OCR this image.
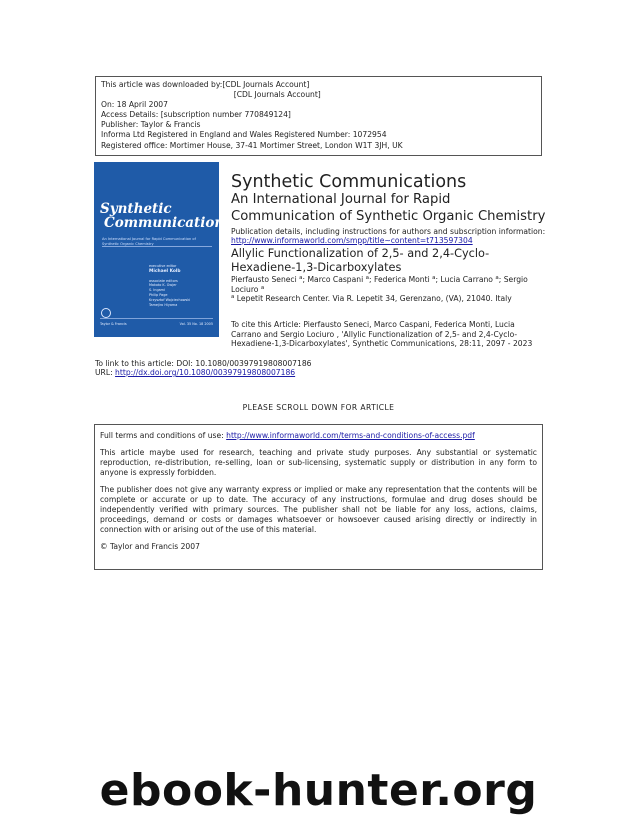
This article was downloaded by:[CDL Journals Account]
[CDL Journals Account]
On: 18 April 2007
Access Details: [subscription number 770849124]
Publisher: Taylor & Francis
Informa Ltd Registered in England and Wales Registered Number: 1072954
Registered office: Mortimer House, 37-41 Mortimer Street, London W1T 3JH, UK
Synthetic
Communications
An International Journal for Rapid Communication of Synthetic Organic Chemistry
executive editor
Michael Kolb
associate editors
Makoto K. Gwjer
S. Ingami
Philip Page
Krzysztof Wojciechowski
Tamejiro Hiyama
Taylor & Francis	Vol. 35 No. 18 2005
Synthetic Communications
An International Journal for Rapid Communication of Synthetic Organic Chemistry
Publication details, including instructions for authors and subscription information:
http://www.informaworld.com/smpp/title~content=t713597304
Allylic Functionalization of 2,5- and 2,4-Cyclo-Hexadiene-1,3-Dicarboxylates
Pierfausto Seneci $^a$; Marco Caspani $^a$; Federica Monti $^a$; Lucia Carrano $^a$; Sergio Lociuro $^a$
$^a$ Lepetit Research Center. Via R. Lepetit 34, Gerenzano, (VA), 21040. Italy
To cite this Article: Pierfausto Seneci, Marco Caspani, Federica Monti, Lucia Carrano and Sergio Lociuro , 'Allylic Functionalization of 2,5- and 2,4-Cyclo-Hexadiene-1,3-Dicarboxylates', Synthetic Communications, 28:11, 2097 - 2023
To link to this article: DOI: 10.1080/00397919808007186
URL: http://dx.doi.org/10.1080/00397919808007186
PLEASE SCROLL DOWN FOR ARTICLE

Full terms and conditions of use: http://www.informaworld.com/terms-and-conditions-of-access.pdf

This article maybe used for research, teaching and private study purposes. Any substantial or systematic reproduction, re-distribution, re-selling, loan or sub-licensing, systematic supply or distribution in any form to anyone is expressly forbidden.

The publisher does not give any warranty express or implied or make any representation that the contents will be complete or accurate or up to date. The accuracy of any instructions, formulae and drug doses should be independently verified with primary sources. The publisher shall not be liable for any loss, actions, claims, proceedings, demand or costs or damages whatsoever or howsoever caused arising directly or indirectly in connection with or arising out of the use of this material.

© Taylor and Francis 2007

ebook-hunter.org
